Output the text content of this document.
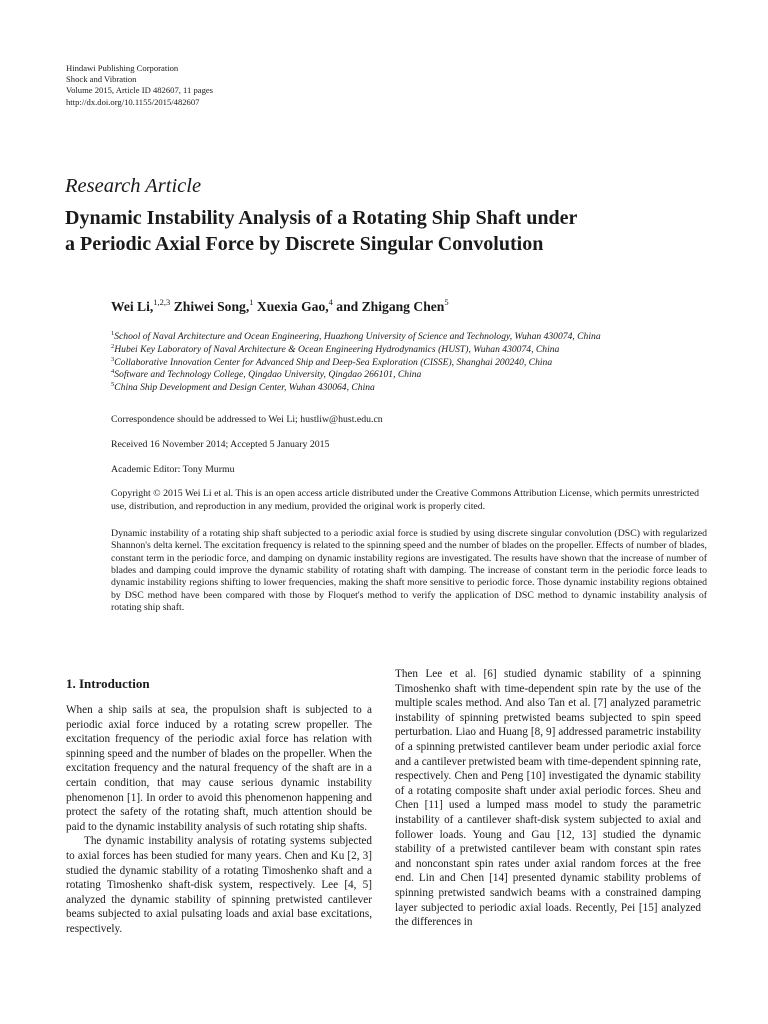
Hindawi Publishing Corporation
Shock and Vibration
Volume 2015, Article ID 482607, 11 pages
http://dx.doi.org/10.1155/2015/482607
Research Article
Dynamic Instability Analysis of a Rotating Ship Shaft under
a Periodic Axial Force by Discrete Singular Convolution
Wei Li,$^{1,2,3}$ Zhiwei Song,$^1$ Xuexia Gao,$^4$ and Zhigang Chen$^5$
$^1$School of Naval Architecture and Ocean Engineering, Huazhong University of Science and Technology, Wuhan 430074, China
$^2$Hubei Key Laboratory of Naval Architecture & Ocean Engineering Hydrodynamics (HUST), Wuhan 430074, China
$^3$Collaborative Innovation Center for Advanced Ship and Deep-Sea Exploration (CISSE), Shanghai 200240, China
$^4$Software and Technology College, Qingdao University, Qingdao 266101, China
$^5$China Ship Development and Design Center, Wuhan 430064, China
Correspondence should be addressed to Wei Li; hustliw@hust.edu.cn
Received 16 November 2014; Accepted 5 January 2015
Academic Editor: Tony Murmu
Copyright © 2015 Wei Li et al. This is an open access article distributed under the Creative Commons Attribution License, which permits unrestricted use, distribution, and reproduction in any medium, provided the original work is properly cited.
Dynamic instability of a rotating ship shaft subjected to a periodic axial force is studied by using discrete singular convolution (DSC) with regularized Shannon's delta kernel. The excitation frequency is related to the spinning speed and the number of blades on the propeller. Effects of number of blades, constant term in the periodic force, and damping on dynamic instability regions are investigated. The results have shown that the increase of number of blades and damping could improve the dynamic stability of rotating shaft with damping. The increase of constant term in the periodic force leads to dynamic instability regions shifting to lower frequencies, making the shaft more sensitive to periodic force. Those dynamic instability regions obtained by DSC method have been compared with those by Floquet's method to verify the application of DSC method to dynamic instability analysis of rotating ship shaft.
1. Introduction

When a ship sails at sea, the propulsion shaft is subjected to a periodic axial force induced by a rotating screw propeller. The excitation frequency of the periodic axial force has relation with spinning speed and the number of blades on the propeller. When the excitation frequency and the natural frequency of the shaft are in a certain condition, that may cause serious dynamic instability phenomenon [1]. In order to avoid this phenomenon happening and protect the safety of the rotating shaft, much attention should be paid to the dynamic instability analysis of such rotating ship shafts.

The dynamic instability analysis of rotating systems subjected to axial forces has been studied for many years. Chen and Ku [2, 3] studied the dynamic stability of a rotating Timoshenko shaft and a rotating Timoshenko shaft-disk system, respectively. Lee [4, 5] analyzed the dynamic stability of spinning pretwisted cantilever beams subjected to axial pulsating loads and axial base excitations, respectively.

Then Lee et al. [6] studied dynamic stability of a spinning Timoshenko shaft with time-dependent spin rate by the use of the multiple scales method. And also Tan et al. [7] analyzed parametric instability of spinning pretwisted beams subjected to spin speed perturbation. Liao and Huang [8, 9] addressed parametric instability of a spinning pretwisted cantilever beam under periodic axial force and a cantilever pretwisted beam with time-dependent spinning rate, respectively. Chen and Peng [10] investigated the dynamic stability of a rotating composite shaft under axial periodic forces. Sheu and Chen [11] used a lumped mass model to study the parametric instability of a cantilever shaft-disk system subjected to axial and follower loads. Young and Gau [12, 13] studied the dynamic stability of a pretwisted cantilever beam with constant spin rates and nonconstant spin rates under axial random forces at the free end. Lin and Chen [14] presented dynamic stability problems of spinning pretwisted sandwich beams with a constrained damping layer subjected to periodic axial loads. Recently, Pei [15] analyzed the differences in
